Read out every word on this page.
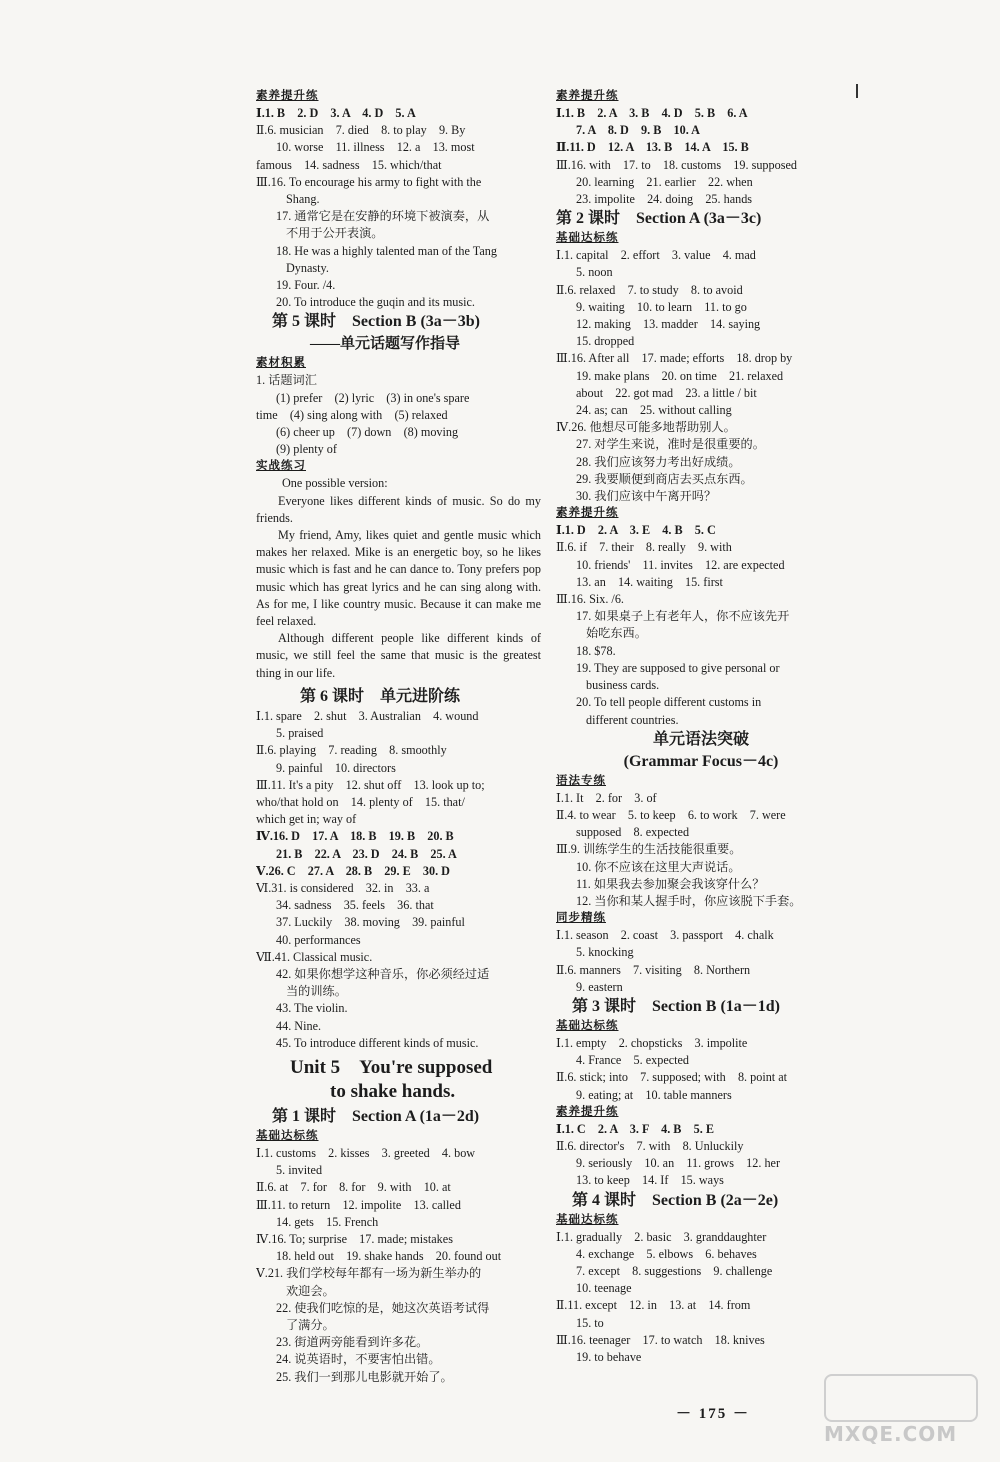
素养提升练
Ⅰ.1. B　2. D　3. A　4. D　5. A
Ⅱ.6. musician　7. died　8. to play　9. By
10. worse　11. illness　12. a　13. most
famous　14. sadness　15. which/that
Ⅲ.16. To encourage his army to fight with the
Shang.
17. 通常它是在安静的环境下被演奏，从
不用于公开表演。
18. He was a highly talented man of the Tang
Dynasty.
19. Four. /4.
20. To introduce the guqin and its music.
第 5 课时　Section B (3a－3b)
——单元话题写作指导
素材积累
1. 话题词汇
(1) prefer　(2) lyric　(3) in one's spare
time　(4) sing along with　(5) relaxed
(6) cheer up　(7) down　(8) moving
(9) plenty of
实战练习
One possible version:

Everyone likes different kinds of music. So do my friends.

My friend, Amy, likes quiet and gentle music which makes her relaxed. Mike is an energetic boy, so he likes music which is fast and he can dance to. Tony prefers pop music which has great lyrics and he can sing along with. As for me, I like country music. Because it can make me feel relaxed.

Although different people like different kinds of music, we still feel the same that music is the greatest thing in our life.

第 6 课时　单元进阶练
Ⅰ.1. spare　2. shut　3. Australian　4. wound
5. praised
Ⅱ.6. playing　7. reading　8. smoothly
9. painful　10. directors
Ⅲ.11. It's a pity　12. shut off　13. look up to;
who/that hold on　14. plenty of　15. that/
which get in; way of
Ⅳ.16. D　17. A　18. B　19. B　20. B
21. B　22. A　23. D　24. B　25. A
Ⅴ.26. C　27. A　28. B　29. E　30. D
Ⅵ.31. is considered　32. in　33. a
34. sadness　35. feels　36. that
37. Luckily　38. moving　39. painful
40. performances
Ⅶ.41. Classical music.
42. 如果你想学这种音乐，你必须经过适
当的训练。
43. The violin.
44. Nine.
45. To introduce different kinds of music.
Unit 5　You're supposed
to shake hands.
第 1 课时　Section A (1a－2d)
基础达标练
Ⅰ.1. customs　2. kisses　3. greeted　4. bow
5. invited
Ⅱ.6. at　7. for　8. for　9. with　10. at
Ⅲ.11. to return　12. impolite　13. called
14. gets　15. French
Ⅳ.16. To; surprise　17. made; mistakes
18. held out　19. shake hands　20. found out
Ⅴ.21. 我们学校每年都有一场为新生举办的
欢迎会。
22. 使我们吃惊的是，她这次英语考试得
了满分。
23. 街道两旁能看到许多花。
24. 说英语时，不要害怕出错。
25. 我们一到那儿电影就开始了。
素养提升练
Ⅰ.1. B　2. A　3. B　4. D　5. B　6. A
7. A　8. D　9. B　10. A
Ⅱ.11. D　12. A　13. B　14. A　15. B
Ⅲ.16. with　17. to　18. customs　19. supposed
20. learning　21. earlier　22. when
23. impolite　24. doing　25. hands
第 2 课时　Section A (3a－3c)
基础达标练
Ⅰ.1. capital　2. effort　3. value　4. mad
5. noon
Ⅱ.6. relaxed　7. to study　8. to avoid
9. waiting　10. to learn　11. to go
12. making　13. madder　14. saying
15. dropped
Ⅲ.16. After all　17. made; efforts　18. drop by
19. make plans　20. on time　21. relaxed
about　22. got mad　23. a little / bit
24. as; can　25. without calling
Ⅳ.26. 他想尽可能多地帮助别人。
27. 对学生来说，准时是很重要的。
28. 我们应该努力考出好成绩。
29. 我要顺便到商店去买点东西。
30. 我们应该中午离开吗？
素养提升练
Ⅰ.1. D　2. A　3. E　4. B　5. C
Ⅱ.6. if　7. their　8. really　9. with
10. friends'　11. invites　12. are expected
13. an　14. waiting　15. first
Ⅲ.16. Six. /6.
17. 如果桌子上有老年人，你不应该先开
始吃东西。
18. $78.
19. They are supposed to give personal or
business cards.
20. To tell people different customs in
different countries.
单元语法突破
(Grammar Focus－4c)
语法专练
Ⅰ.1. It　2. for　3. of
Ⅱ.4. to wear　5. to keep　6. to work　7. were
supposed　8. expected
Ⅲ.9. 训练学生的生活技能很重要。
10. 你不应该在这里大声说话。
11. 如果我去参加聚会我该穿什么？
12. 当你和某人握手时，你应该脱下手套。
同步精练
Ⅰ.1. season　2. coast　3. passport　4. chalk
5. knocking
Ⅱ.6. manners　7. visiting　8. Northern
9. eastern
第 3 课时　Section B (1a－1d)
基础达标练
Ⅰ.1. empty　2. chopsticks　3. impolite
4. France　5. expected
Ⅱ.6. stick; into　7. supposed; with　8. point at
9. eating; at　10. table manners
素养提升练
Ⅰ.1. C　2. A　3. F　4. B　5. E
Ⅱ.6. director's　7. with　8. Unluckily
9. seriously　10. an　11. grows　12. her
13. to keep　14. If　15. ways
第 4 课时　Section B (2a－2e)
基础达标练
Ⅰ.1. gradually　2. basic　3. granddaughter
4. exchange　5. elbows　6. behaves
7. except　8. suggestions　9. challenge
10. teenage
Ⅱ.11. except　12. in　13. at　14. from
15. to
Ⅲ.16. teenager　17. to watch　18. knives
19. to behave
－ 175 －
MXQE.COM
